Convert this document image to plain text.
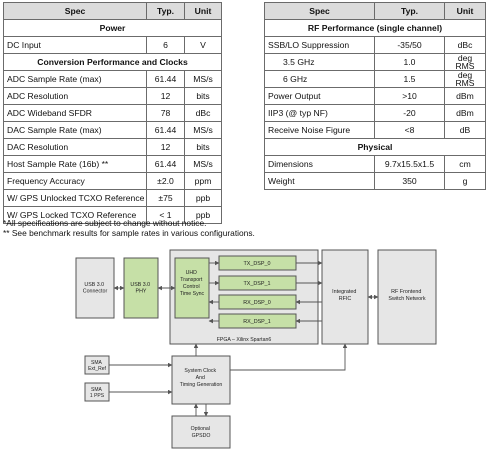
Spec	Typ.	Unit
Power		
DC Input	6	V
Conversion Performance and Clocks		
ADC Sample Rate (max)	61.44	MS/s
ADC Resolution	12	bits
ADC Wideband SFDR	78	dBc
DAC Sample Rate (max)	61.44	MS/s
DAC Resolution	12	bits
Host Sample Rate (16b) **	61.44	MS/s
Frequency Accuracy	±2.0	ppm
W/ GPS Unlocked TCXO Reference	±75	ppb
W/ GPS Locked TCXO Reference	< 1	ppb
Spec	Typ.	Unit
RF Performance (single channel)		
SSB/LO Suppression	-35/50	dBc
3.5 GHz	1.0	deg
RMS
6 GHz	1.5	deg
RMS
Power Output	>10	dBm
IIP3 (@ typ NF)	-20	dBm
Receive Noise Figure	<8	dB
Physical		
Dimensions	9.7x15.5x1.5	cm
Weight	350	g
*All specifications are subject to change without notice.
** See benchmark results for sample rates in various configurations.
FPGA – Xilinx Spartan6
USB 3.0 Connector
USB 3.0 PHY
UHD Transport Control Time Sync
TX_DSP_0
TX_DSP_1
RX_DSP_0
RX_DSP_1
Integrated RFIC
RF Frontend Switch Network
SMA Ext_Ref
SMA 1 PPS
System Clock And Timing Generation
Optional GPSDO
